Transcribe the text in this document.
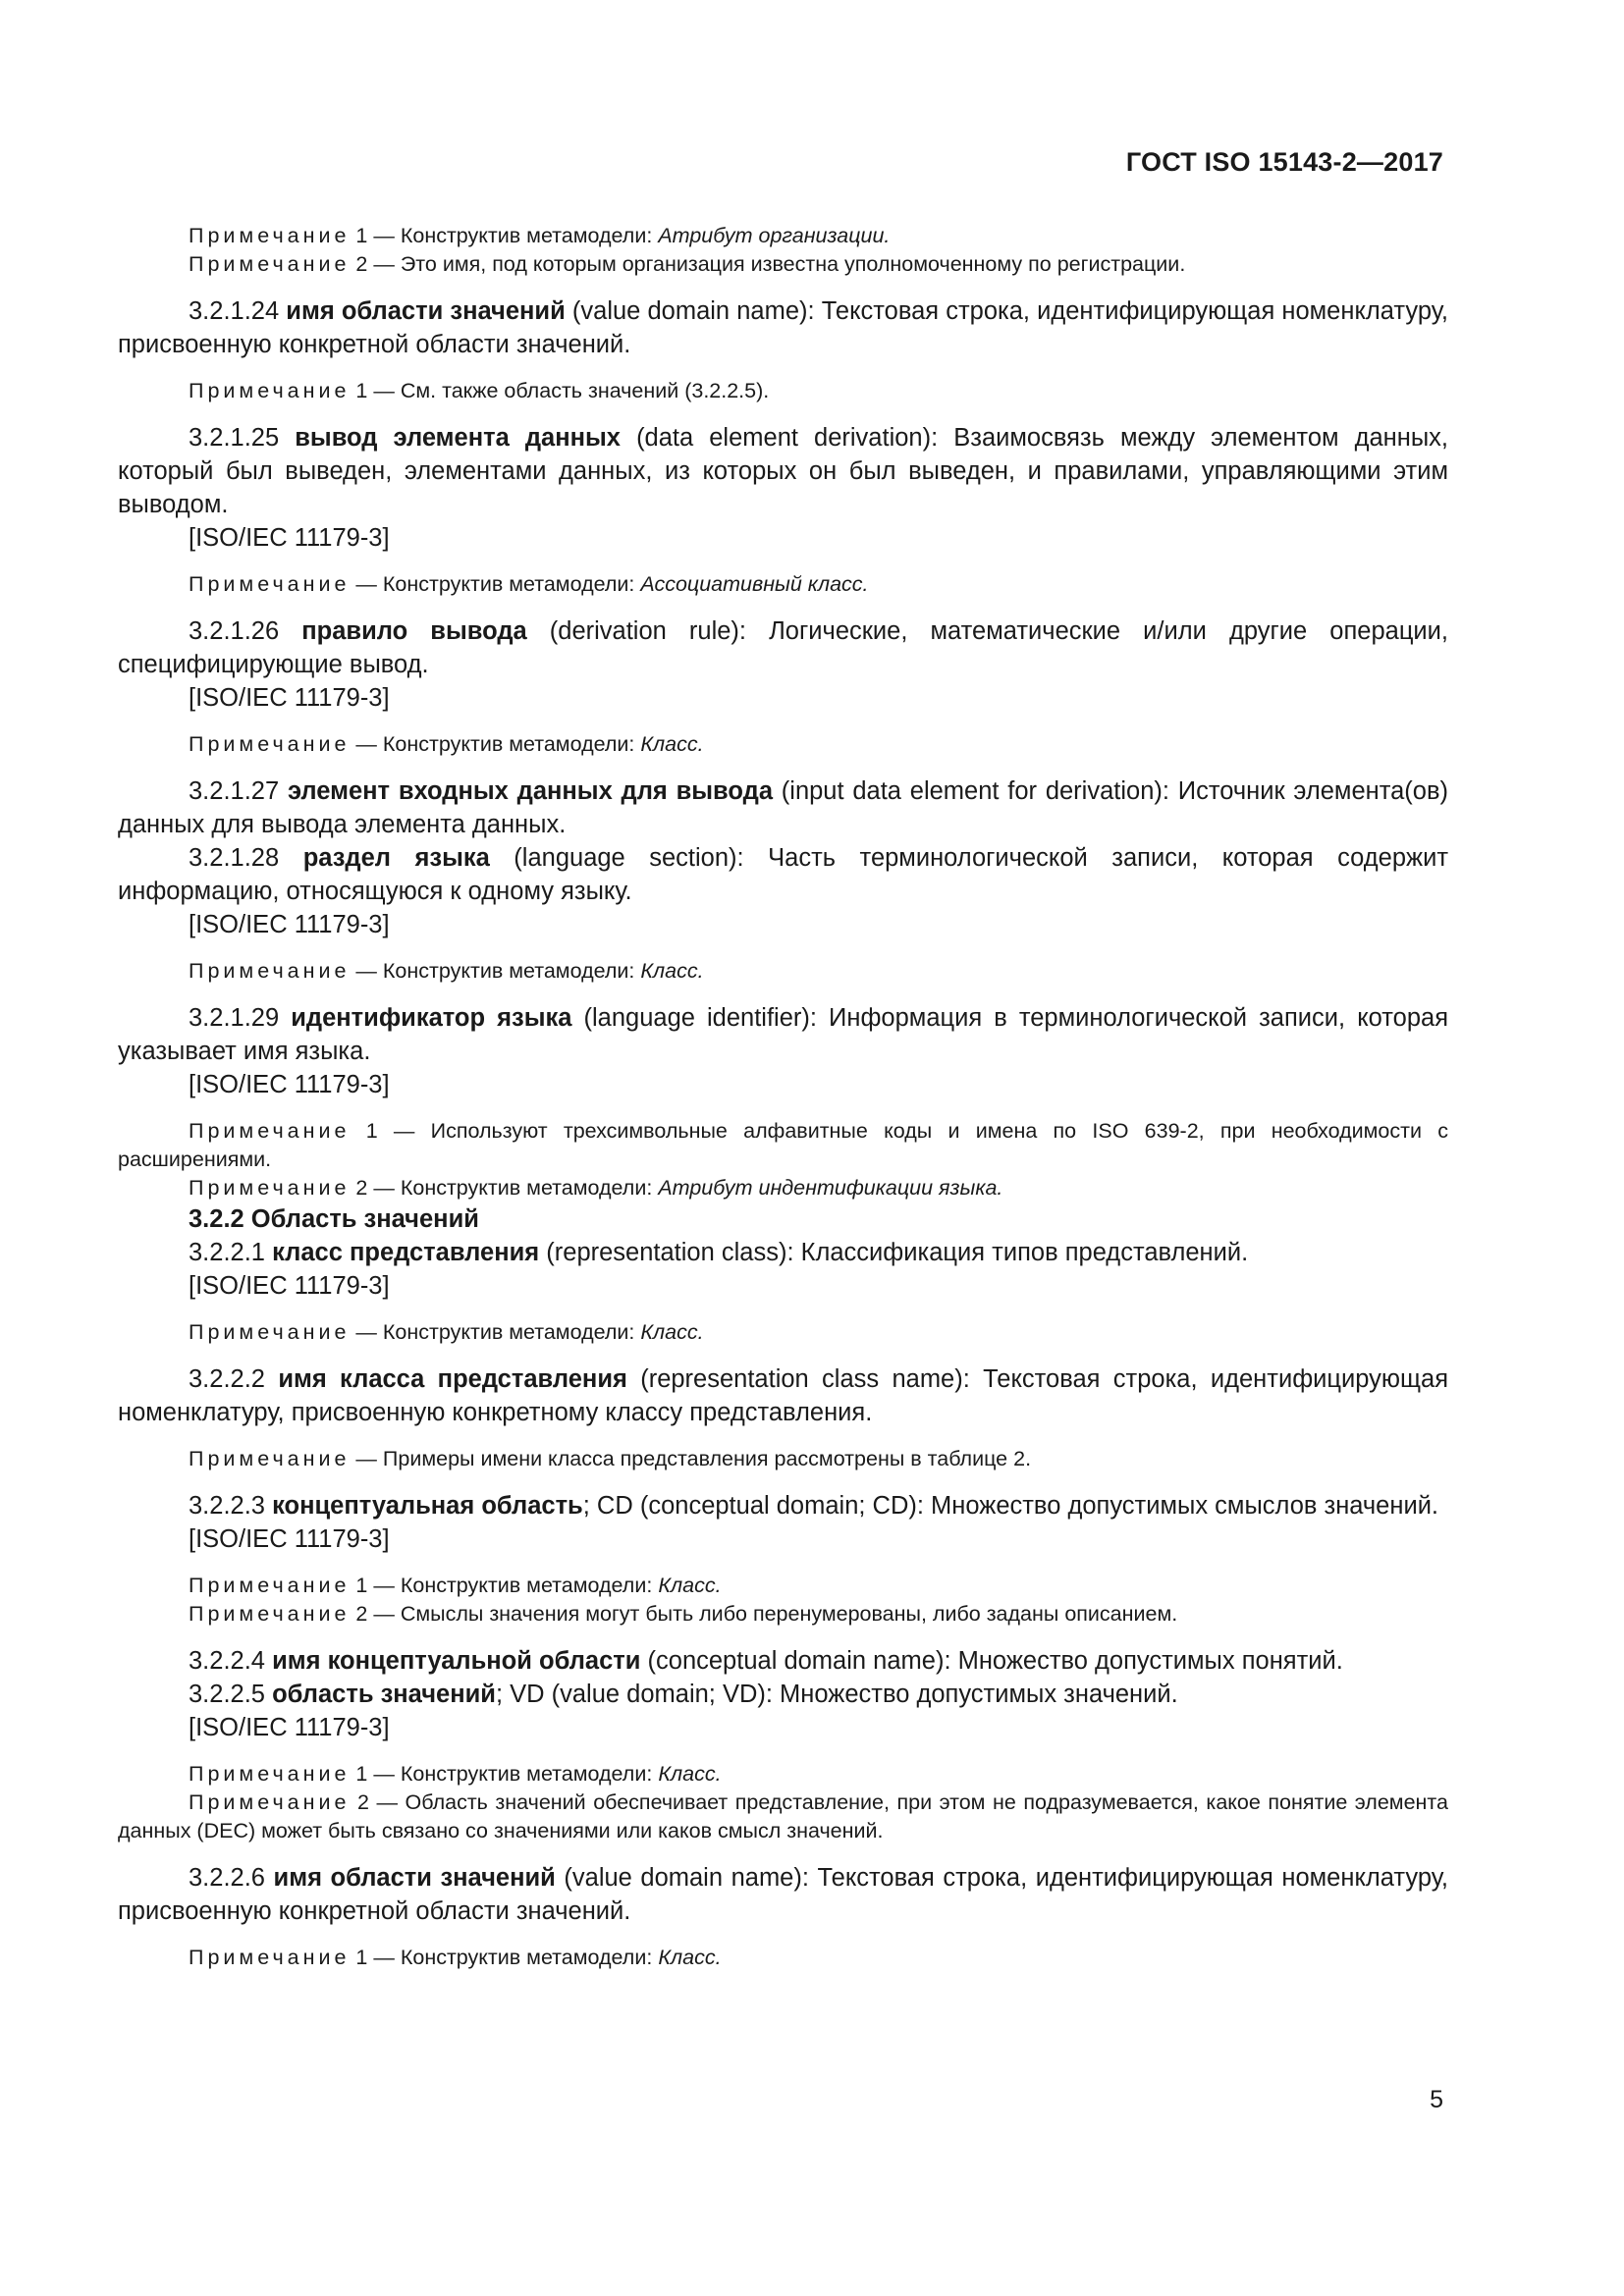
ГОСТ ISO 15143-2—2017

Примечание 1 — Конструктив метамодели: Атрибут организации.

Примечание 2 — Это имя, под которым организация известна уполномоченному по регистрации.

3.2.1.24 имя области значений (value domain name): Текстовая строка, идентифицирующая номенклатуру, присвоенную конкретной области значений.

Примечание 1 — См. также область значений (3.2.2.5).

3.2.1.25 вывод элемента данных (data element derivation): Взаимосвязь между элементом данных, который был выведен, элементами данных, из которых он был выведен, и правилами, управляющими этим выводом.

[ISO/IEC 11179-3]

Примечание — Конструктив метамодели: Ассоциативный класс.

3.2.1.26 правило вывода (derivation rule): Логические, математические и/или другие операции, специфицирующие вывод.

[ISO/IEC 11179-3]

Примечание — Конструктив метамодели: Класс.

3.2.1.27 элемент входных данных для вывода (input data element for derivation): Источник элемента(ов) данных для вывода элемента данных.

3.2.1.28 раздел языка (language section): Часть терминологической записи, которая содержит информацию, относящуюся к одному языку.

[ISO/IEC 11179-3]

Примечание — Конструктив метамодели: Класс.

3.2.1.29 идентификатор языка (language identifier): Информация в терминологической записи, которая указывает имя языка.

[ISO/IEC 11179-3]

Примечание 1 — Используют трехсимвольные алфавитные коды и имена по ISO 639-2, при необходимости с расширениями.

Примечание 2 — Конструктив метамодели: Атрибут индентификации языка.

3.2.2 Область значений

3.2.2.1 класс представления (representation class): Классификация типов представлений.

[ISO/IEC 11179-3]

Примечание — Конструктив метамодели: Класс.

3.2.2.2 имя класса представления (representation class name): Текстовая строка, идентифицирующая номенклатуру, присвоенную конкретному классу представления.

Примечание — Примеры имени класса представления рассмотрены в таблице 2.

3.2.2.3 концептуальная область; CD (conceptual domain; CD): Множество допустимых смыслов значений.

[ISO/IEC 11179-3]

Примечание 1 — Конструктив метамодели: Класс.

Примечание 2 — Смыслы значения могут быть либо перенумерованы, либо заданы описанием.

3.2.2.4 имя концептуальной области (conceptual domain name): Множество допустимых понятий.

3.2.2.5 область значений; VD (value domain; VD): Множество допустимых значений.

[ISO/IEC 11179-3]

Примечание 1 — Конструктив метамодели: Класс.

Примечание 2 — Область значений обеспечивает представление, при этом не подразумевается, какое понятие элемента данных (DEC) может быть связано со значениями или каков смысл значений.

3.2.2.6 имя области значений (value domain name): Текстовая строка, идентифицирующая номенклатуру, присвоенную конкретной области значений.

Примечание 1 — Конструктив метамодели: Класс.

5
